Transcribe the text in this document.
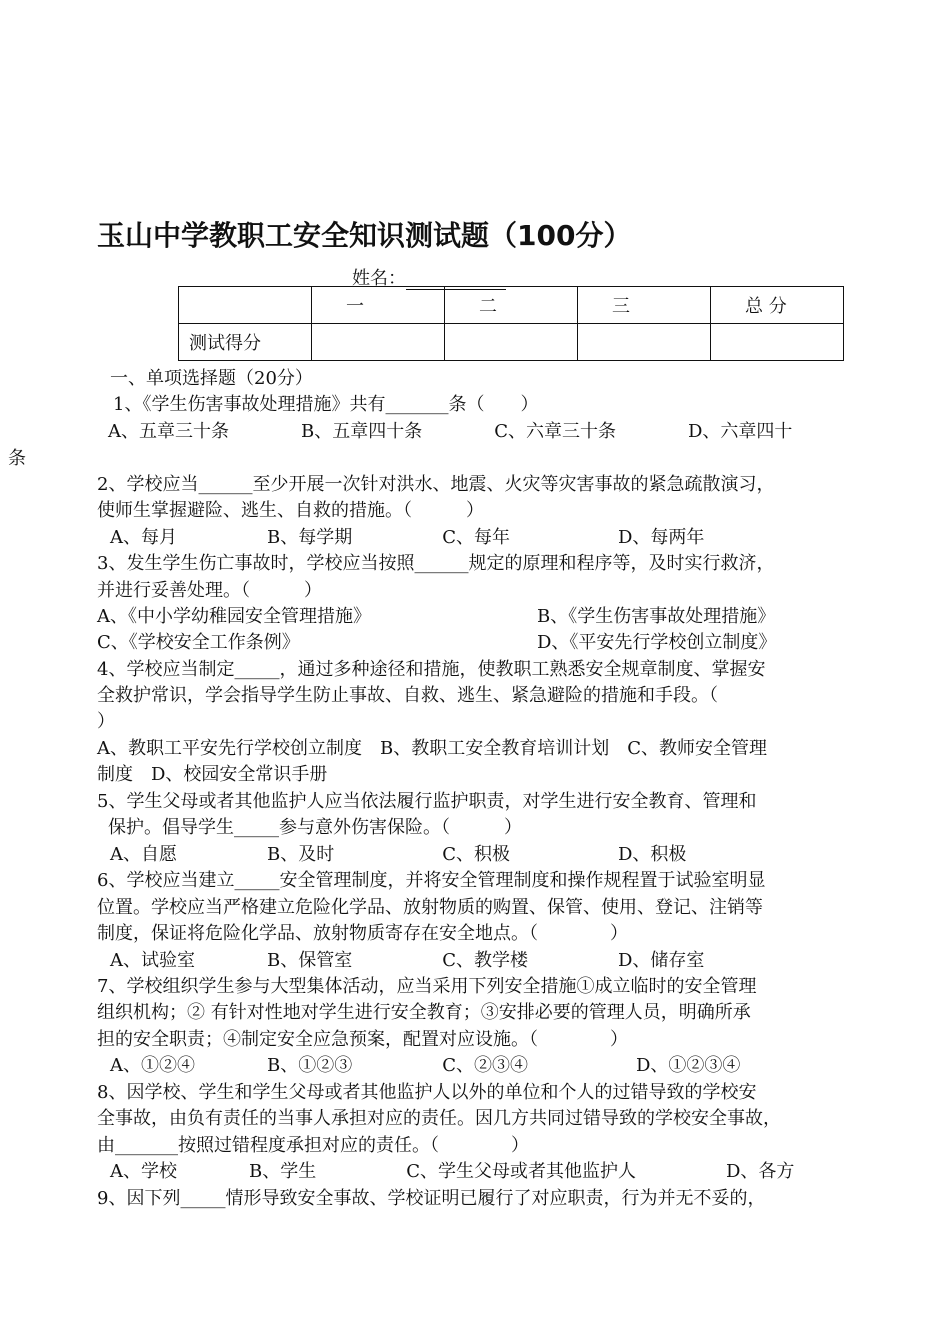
玉山中学教职工安全知识测试题（100分）
姓名：
	一	二	三	总 分
测试得分				
一、单项选择题（20分）
1、《学生伤害事故处理措施》共有_______条（　　）
A、五章三十条　　　　B、五章四十条　　　　C、六章三十条　　　　D、六章四十
条
2、学校应当______至少开展一次针对洪水、地震、火灾等灾害事故的紧急疏散演习，
使师生掌握避险、逃生、自救的措施。（　　　）
A、每月　　　　　B、每学期　　　　　C、每年　　　　　　D、每两年
3、发生学生伤亡事故时，学校应当按照______规定的原理和程序等，及时实行救济，
并进行妥善处理。（　　　）
A、《中小学幼稚园安全管理措施》	B、《学生伤害事故处理措施》
C、《学校安全工作条例》	D、《平安先行学校创立制度》
4、学校应当制定_____，通过多种途径和措施，使教职工熟悉安全规章制度、掌握安
全救护常识，学会指导学生防止事故、自救、逃生、紧急避险的措施和手段。（
）
A、教职工平安先行学校创立制度　B、教职工安全教育培训计划　C、教师安全管理
制度　D、校园安全常识手册
5、学生父母或者其他监护人应当依法履行监护职责，对学生进行安全教育、管理和
保护。倡导学生_____参与意外伤害保险。（　　　）
A、自愿　　　　　B、及时　　　　　　C、积极　　　　　　D、积极
6、学校应当建立_____安全管理制度，并将安全管理制度和操作规程置于试验室明显
位置。学校应当严格建立危险化学品、放射物质的购置、保管、使用、登记、注销等
制度，保证将危险化学品、放射物质寄存在安全地点。（　　　　）
A、试验室　　　　B、保管室　　　　　C、教学楼　　　　　D、储存室
7、学校组织学生参与大型集体活动，应当采用下列安全措施①成立临时的安全管理
组织机构；② 有针对性地对学生进行安全教育；③安排必要的管理人员，明确所承
担的安全职责；④制定安全应急预案，配置对应设施。（　　　　）
A、①②④　　　　B、①②③　　　　　C、②③④　　　　　　D、①②③④
8、因学校、学生和学生父母或者其他监护人以外的单位和个人的过错导致的学校安
全事故，由负有责任的当事人承担对应的责任。因几方共同过错导致的学校安全事故，
由_______按照过错程度承担对应的责任。（　　　　）
A、学校　　　　B、学生　　　　　C、学生父母或者其他监护人　　　　　D、各方
9、因下列_____情形导致安全事故、学校证明已履行了对应职责，行为并无不妥的，
